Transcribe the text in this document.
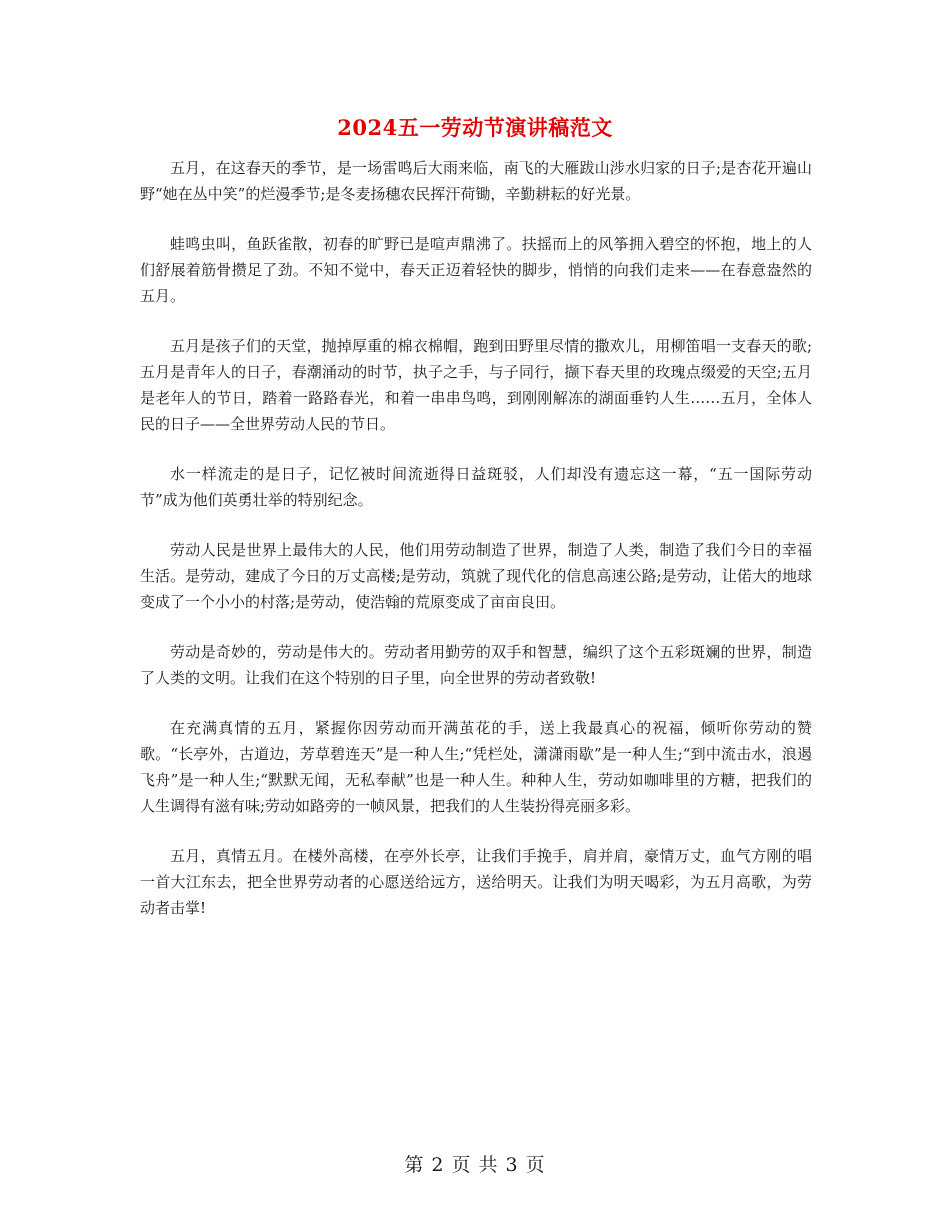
2024五一劳动节演讲稿范文

五月，在这春天的季节，是一场雷鸣后大雨来临，南飞的大雁跋山涉水归家的日子;是杏花开遍山野“她在丛中笑”的烂漫季节;是冬麦扬穗农民挥汗荷锄，辛勤耕耘的好光景。

蛙鸣虫叫，鱼跃雀散，初春的旷野已是喧声鼎沸了。扶摇而上的风筝拥入碧空的怀抱，地上的人们舒展着筋骨攒足了劲。不知不觉中，春天正迈着轻快的脚步，悄悄的向我们走来——在春意盎然的五月。

五月是孩子们的天堂，抛掉厚重的棉衣棉帽，跑到田野里尽情的撒欢儿，用柳笛唱一支春天的歌;五月是青年人的日子，春潮涌动的时节，执子之手，与子同行，撷下春天里的玫瑰点缀爱的天空;五月是老年人的节日，踏着一路路春光，和着一串串鸟鸣，到刚刚解冻的湖面垂钓人生……五月，全体人民的日子——全世界劳动人民的节日。

水一样流走的是日子，记忆被时间流逝得日益斑驳，人们却没有遗忘这一幕，“五一国际劳动节”成为他们英勇壮举的特别纪念。

劳动人民是世界上最伟大的人民，他们用劳动制造了世界，制造了人类，制造了我们今日的幸福生活。是劳动，建成了今日的万丈高楼;是劳动，筑就了现代化的信息高速公路;是劳动，让偌大的地球变成了一个小小的村落;是劳动，使浩翰的荒原变成了亩亩良田。

劳动是奇妙的，劳动是伟大的。劳动者用勤劳的双手和智慧，编织了这个五彩斑斓的世界，制造了人类的文明。让我们在这个特别的日子里，向全世界的劳动者致敬!

在充满真情的五月，紧握你因劳动而开满茧花的手，送上我最真心的祝福，倾听你劳动的赞歌。“长亭外，古道边，芳草碧连天”是一种人生;“凭栏处，潇潇雨歇”是一种人生;“到中流击水，浪遏飞舟”是一种人生;“默默无闻，无私奉献”也是一种人生。种种人生，劳动如咖啡里的方糖，把我们的人生调得有滋有味;劳动如路旁的一帧风景，把我们的人生装扮得亮丽多彩。

五月，真情五月。在楼外高楼，在亭外长亭，让我们手挽手，肩并肩，豪情万丈，血气方刚的唱一首大江东去，把全世界劳动者的心愿送给远方，送给明天。让我们为明天喝彩，为五月高歌，为劳动者击掌!

第 2 页 共 3 页
